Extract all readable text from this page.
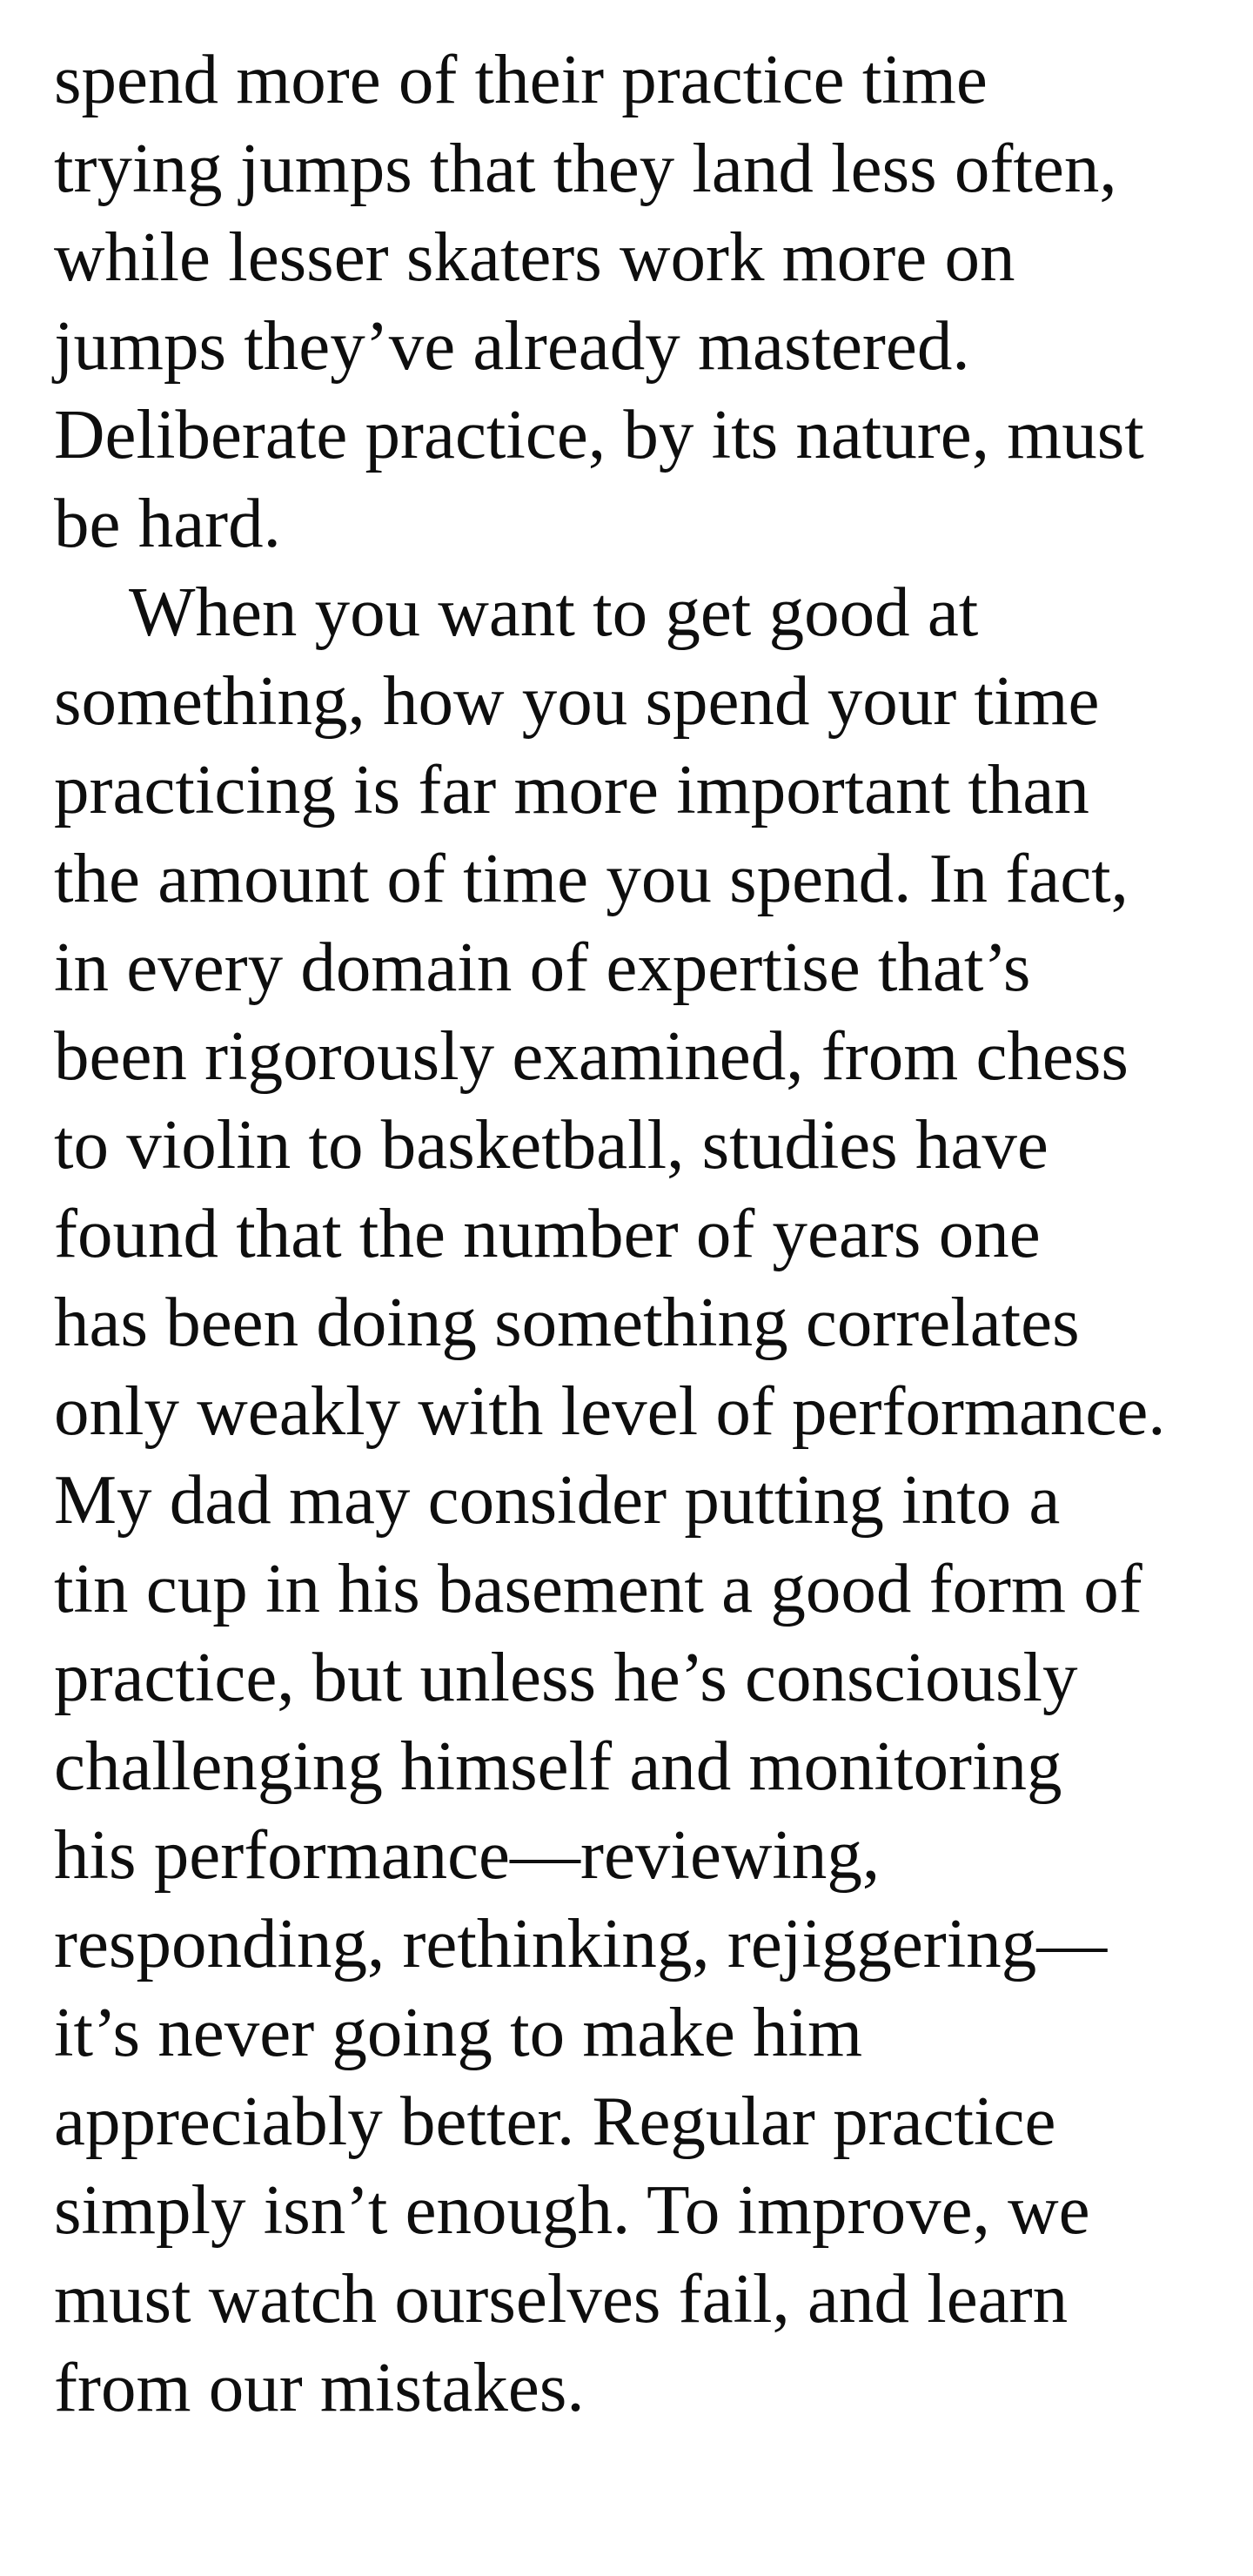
spend more of their practice time
trying jumps that they land less often,
while lesser skaters work more on
jumps they’ve already mastered.
Deliberate practice, by its nature, must
be hard.
When you want to get good at
something, how you spend your time
practicing is far more important than
the amount of time you spend. In fact,
in every domain of expertise that’s
been rigorously examined, from chess
to violin to basketball, studies have
found that the number of years one
has been doing something correlates
only weakly with level of performance.
My dad may consider putting into a
tin cup in his basement a good form of
practice, but unless he’s consciously
challenging himself and monitoring
his performance—reviewing,
responding, rethinking, rejiggering—
it’s never going to make him
appreciably better. Regular practice
simply isn’t enough. To improve, we
must watch ourselves fail, and learn
from our mistakes.
